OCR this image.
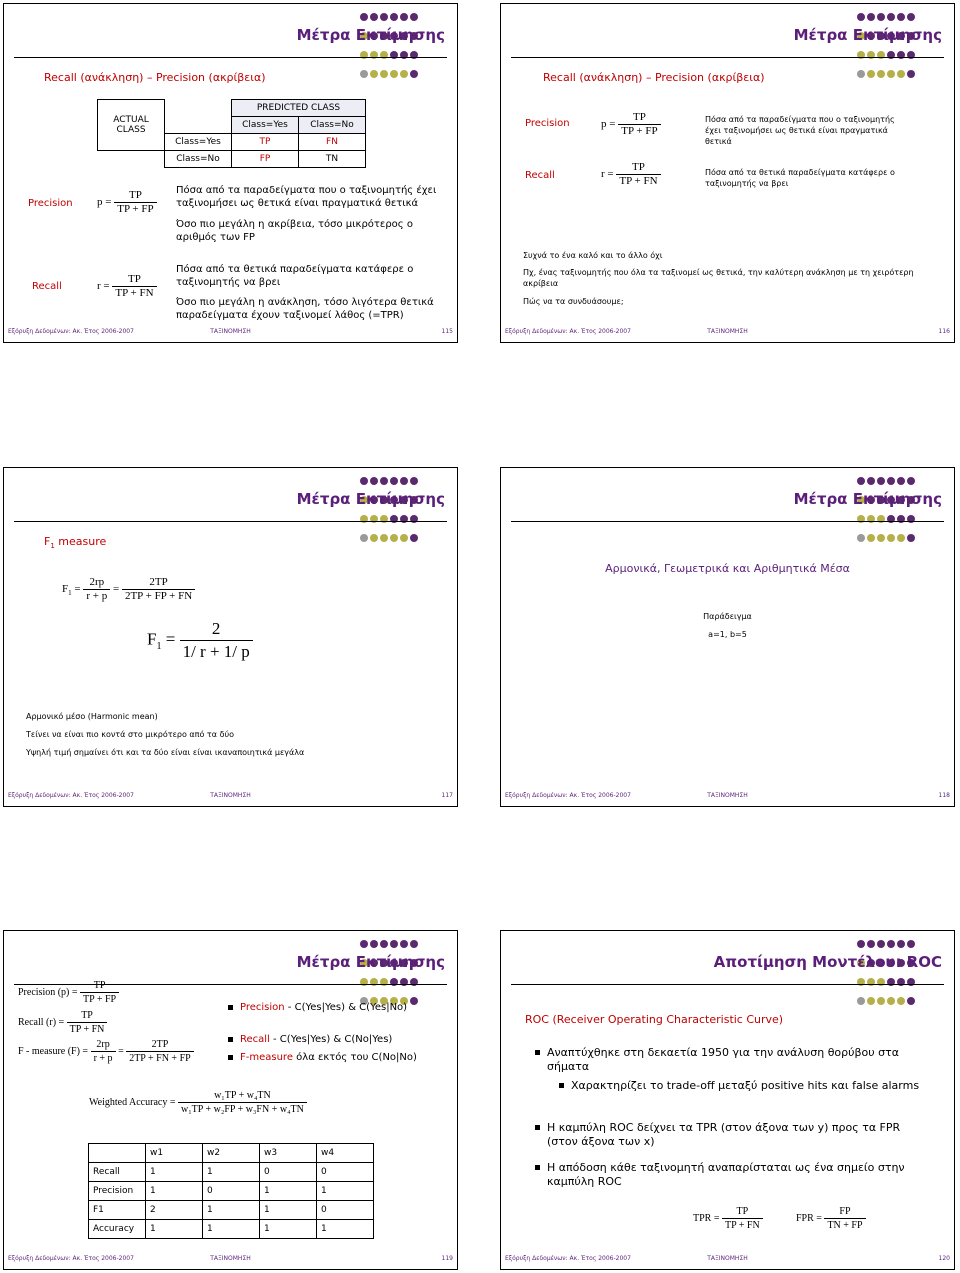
Μέτρα Εκτίμησης
Recall (ανάκληση) – Precision (ακρίβεια)
ACTUAL CLASS		PREDICTED CLASS	
		Class=Yes	Class=No
	Class=Yes	TP	FN
	Class=No	FP	TN
Precision $p = \frac{TP}{TP + FP}$ Πόσα από τα παραδείγματα που ο ταξινομητής έχει ταξινομήσει ως θετικά είναι πραγματικά θετικά
Όσο πιο μεγάλη η ακρίβεια, τόσο μικρότερος ο αριθμός των FP
Recall	$r = \frac{TP}{TP + FN}$
Πόσα από τα θετικά παραδείγματα κατάφερε ο ταξινομητής να βρει
Όσο πιο μεγάλη η ανάκληση, τόσο λιγότερα θετικά παραδείγματα έχουν ταξινομεί λάθος (=TPR)
Εξόρυξη Δεδομένων: Ακ. Έτος 2006-2007	ΤΑΞΙΝΟΜΗΣΗ	115

Μέτρα Εκτίμησης
Recall (ανάκληση) – Precision (ακρίβεια)
Precision	$p = \frac{TP}{TP + FP}$	Πόσα από τα παραδείγματα που ο ταξινομητής έχει ταξινομήσει ως θετικά είναι πραγματικά θετικά
Recall	$r = \frac{TP}{TP + FN}$	Πόσα από τα θετικά παραδείγματα κατάφερε ο ταξινομητής να βρει
Συχνά το ένα καλό και το άλλο όχι
Πχ, ένας ταξινομητής που όλα τα ταξινομεί ως θετικά, την καλύτερη ανάκληση με τη χειρότερη ακρίβεια
Πώς να τα συνδυάσουμε;
Εξόρυξη Δεδομένων: Ακ. Έτος 2006-2007	ΤΑΞΙΝΟΜΗΣΗ	116

Μέτρα Εκτίμησης
$F_1$ measure
$F_1 = \frac{2rp}{r + p} = \frac{2TP}{2TP + FP + FN}$
$F_1 = \frac{2}{1/ r + 1/ p}$
Αρμονικό μέσο (Harmonic mean)
Τείνει να είναι πιο κοντά στο μικρότερο από τα δύο
Υψηλή τιμή σημαίνει ότι και τα δύο είναι είναι ικαναποιητικά μεγάλα
Εξόρυξη Δεδομένων: Ακ. Έτος 2006-2007	ΤΑΞΙΝΟΜΗΣΗ	117

Μέτρα Εκτίμησης
Αρμονικά, Γεωμετρικά και Αριθμητικά Μέσα
Παράδειγμα
a=1, b=5
Εξόρυξη Δεδομένων: Ακ. Έτος 2006-2007	ΤΑΞΙΝΟΜΗΣΗ	118

Μέτρα Εκτίμησης
Precision $(p) = \frac{TP}{TP + FP}$
Recall $(r) = \frac{TP}{TP + FN}$
F - measure $(F) = \frac{2rp}{r + p} = \frac{2TP}{2TP + FN + FP}$
Precision - C(Yes|Yes) & C(Yes|No)
Recall - C(Yes|Yes) & C(No|Yes)
F-measure όλα εκτός του C(No|No)
Weighted Accuracy = $\frac{\text{w₁TP + w₄TN}}{\text{w₁TP + w₂FP + w₃FN + w₄TN}}$
	w1	w2	w3	w4
Recall	1	1	0	0
Precision	1	0	1	1
F1	2	1	1	0
Accuracy	1	1	1	1
Εξόρυξη Δεδομένων: Ακ. Έτος 2006-2007	ΤΑΞΙΝΟΜΗΣΗ	119

Αποτίμηση Μοντέλου: ROC
ROC (Receiver Operating Characteristic Curve)
Αναπτύχθηκε στη δεκαετία 1950 για την ανάλυση θορύβου στα σήματα
Χαρακτηρίζει το trade-off μεταξύ positive hits και false alarms
Η καμπύλη ROC δείχνει τα TPR (στον άξονα των y) προς τα FPR (στον άξονα των x)
Η απόδοση κάθε ταξινομητή αναπαρίσταται ως ένα σημείο στην καμπύλη ROC
TPR = $\frac{TP}{TP + FN}$	FPR = $\frac{FP}{TN + FP}$
Εξόρυξη Δεδομένων: Ακ. Έτος 2006-2007	ΤΑΞΙΝΟΜΗΣΗ	120
